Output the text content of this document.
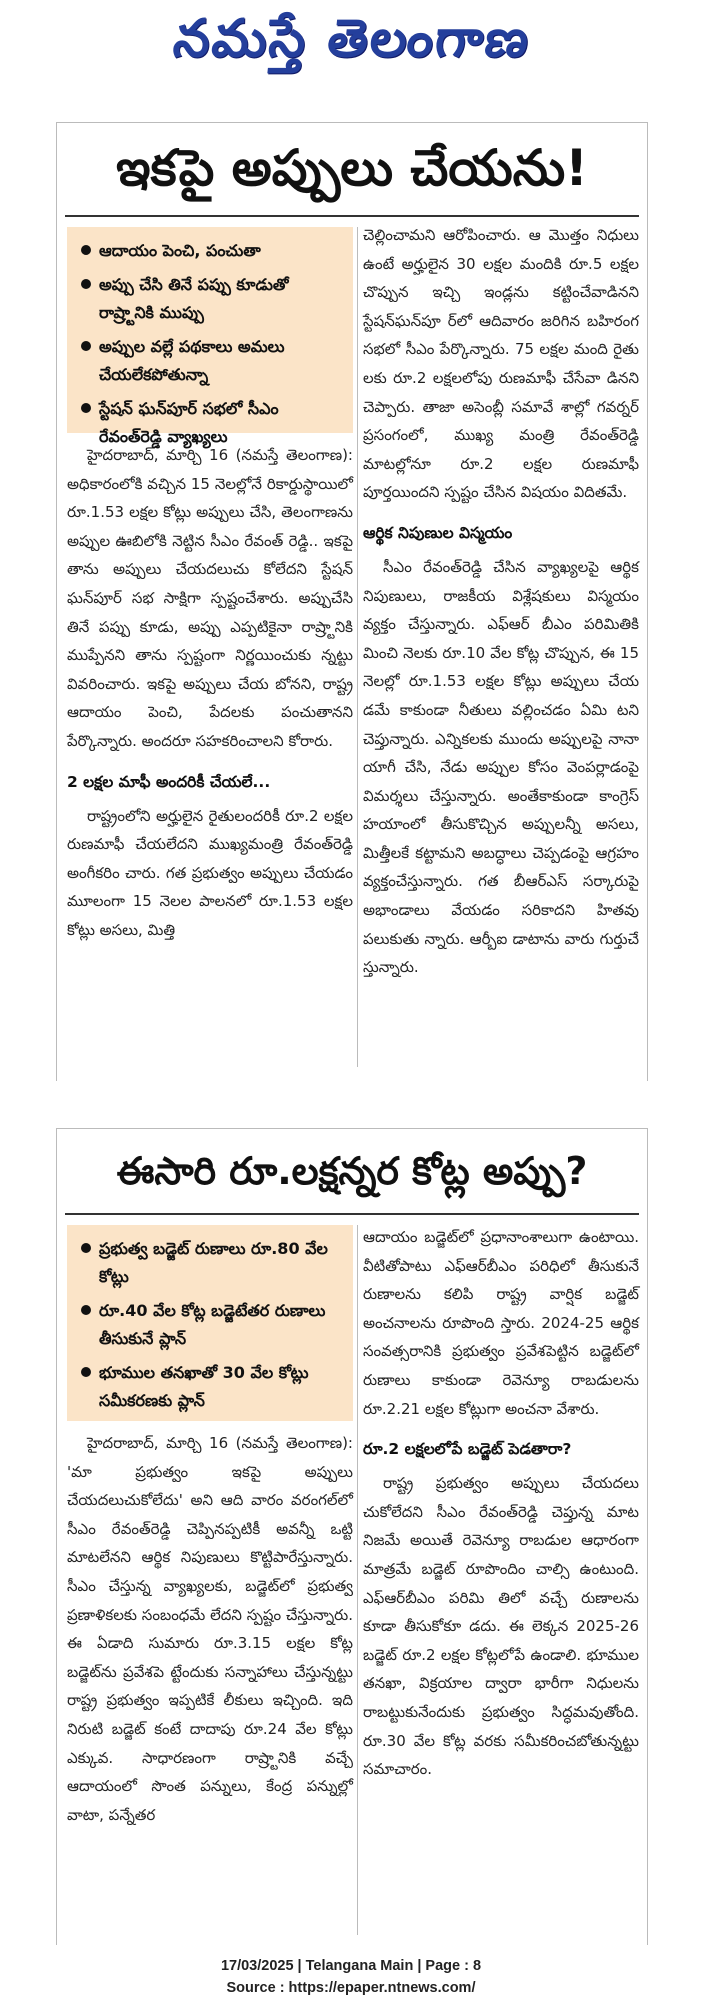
నమస్తే తెలంగాణ
ఇకపై అప్పులు చేయను!
ఆదాయం పెంచి, పంచుతా
అప్పు చేసి తినే పప్పు కూడుతో రాష్ర్టానికి ముప్పు
అప్పుల వల్లే పథకాలు అమలు చేయలేకపోతున్నా
స్టేషన్ ఘన్‌పూర్ సభలో సీఎం రేవంత్‌రెడ్డి వ్యాఖ్యలు

హైదరాబాద్, మార్చి 16 (నమస్తే తెలంగాణ): అధికారంలోకి వచ్చిన 15 నెలల్లోనే రికార్డుస్థాయిలో రూ.1.53 లక్షల కోట్లు అప్పులు చేసి, తెలంగాణను అప్పుల ఊబిలోకి నెట్టిన సీఎం రేవంత్ రెడ్డి.. ఇకపై తాను అప్పులు చేయదలుచు కోలేదని స్టేషన్ ఘన్‌పూర్ సభ సాక్షిగా స్పష్టంచేశారు. అప్పుచేసి తినే పప్పు కూడు, అప్పు ఎప్పటికైనా రాష్ర్టానికి ముప్పేనని తాను స్పష్టంగా నిర్ణయించుకు న్నట్టు వివరించారు. ఇకపై అప్పులు చేయ బోనని, రాష్ట్ర ఆదాయం పెంచి, పేదలకు పంచుతానని పేర్కొన్నారు. అందరూ సహకరించాలని కోరారు.

2 లక్షల మాఫీ అందరికీ చేయలే...

రాష్ట్రంలోని అర్హులైన రైతులందరికీ రూ.2 లక్షల రుణమాఫీ చేయలేదని ముఖ్యమంత్రి రేవంత్‌రెడ్డి అంగీకరిం చారు. గత ప్రభుత్వం అప్పులు చేయడం మూలంగా 15 నెలల పాలనలో రూ.1.53 లక్షల కోట్లు అసలు, మిత్తి

చెల్లించామని ఆరోపించారు. ఆ మొత్తం నిధులు ఉంటే అర్హులైన 30 లక్షల మందికి రూ.5 లక్షల చొప్పున ఇచ్చి ఇండ్లను కట్టించేవాడినని స్టేషన్‌ఘన్‌పూ ర్‌లో ఆదివారం జరిగిన బహిరంగ సభలో సీఎం పేర్కొన్నారు. 75 లక్షల మంది రైతు లకు రూ.2 లక్షలలోపు రుణమాఫీ చేసేవా డినని చెప్పారు. తాజా అసెంబ్లీ సమావే శాల్లో గవర్నర్ ప్రసంగంలో, ముఖ్య మంత్రి రేవంత్‌రెడ్డి మాటల్లోనూ రూ.2 లక్షల రుణమాఫీ పూర్తయిందని స్పష్టం చేసిన విషయం విదితమే.

ఆర్థిక నిపుణుల విస్మయం

సీఎం రేవంత్‌రెడ్డి చేసిన వ్యాఖ్యలపై ఆర్థిక నిపుణులు, రాజకీయ విశ్లేషకులు విస్మయం వ్యక్తం చేస్తున్నారు. ఎఫ్‌ఆర్ బీఎం పరిమితికి మించి నెలకు రూ.10 వేల కోట్ల చొప్పున, ఈ 15 నెలల్లో రూ.1.53 లక్షల కోట్లు అప్పులు చేయ డమే కాకుండా నీతులు వల్లించడం ఏమి టని చెప్తున్నారు. ఎన్నికలకు ముందు అప్పులపై నానా యాగీ చేసి, నేడు అప్పుల కోసం వెంపర్లాడంపై విమర్శలు చేస్తున్నారు. అంతేకాకుండా కాంగ్రెస్ హయాంలో తీసుకొచ్చిన అప్పులన్నీ అసలు, మిత్తీలకే కట్టామని అబద్ధాలు చెప్పడంపై ఆగ్రహం వ్యక్తంచేస్తున్నారు. గత బీఆర్‌ఎస్ సర్కారుపై అభాండాలు వేయడం సరికాదని హితవు పలుకుతు న్నారు. ఆర్బీఐ డాటాను వారు గుర్తుచే స్తున్నారు.

ఈసారి రూ.లక్షన్నర కోట్ల అప్పు?
ప్రభుత్వ బడ్జెట్ రుణాలు రూ.80 వేల కోట్లు
రూ.40 వేల కోట్ల బడ్జెటేతర రుణాలు తీసుకునే ప్లాన్
భూముల తనఖాతో 30 వేల కోట్లు సమీకరణకు ప్లాన్

హైదరాబాద్, మార్చి 16 (నమస్తే తెలంగాణ): 'మా ప్రభుత్వం ఇకపై అప్పులు చేయదలుచుకోలేదు' అని ఆది వారం వరంగల్‌లో సీఎం రేవంత్‌రెడ్డి చెప్పినప్పటికీ అవన్నీ ఒట్టి మాటలేనని ఆర్థిక నిపుణులు కొట్టిపారేస్తున్నారు. సీఎం చేస్తున్న వ్యాఖ్యలకు, బడ్జెట్‌లో ప్రభుత్వ ప్రణాళికలకు సంబంధమే లేదని స్పష్టం చేస్తున్నారు. ఈ ఏడాది సుమారు రూ.3.15 లక్షల కోట్ల బడ్జెట్‌ను ప్రవేశపె ట్టేందుకు సన్నాహాలు చేస్తున్నట్టు రాష్ట్ర ప్రభుత్వం ఇప్పటికే లీకులు ఇచ్చింది. ఇది నిరుటి బడ్జెట్ కంటే దాదాపు రూ.24 వేల కోట్లు ఎక్కువ. సాధారణంగా రాష్ర్టానికి వచ్చే ఆదాయంలో సొంత పన్నులు, కేంద్ర పన్నుల్లో వాటా, పన్నేతర

ఆదాయం బడ్జెట్‌లో ప్రధానాంశాలుగా ఉంటాయి. వీటితోపాటు ఎఫ్‌ఆర్‌బీఎం పరిధిలో తీసుకునే రుణాలను కలిపి రాష్ట్ర వార్షిక బడ్జెట్ అంచనాలను రూపొంది స్తారు. 2024-25 ఆర్థిక సంవత్సరానికి ప్రభుత్వం ప్రవేశపెట్టిన బడ్జెట్‌లో రుణాలు కాకుండా రెవెన్యూ రాబడులను రూ.2.21 లక్షల కోట్లుగా అంచనా వేశారు.

రూ.2 లక్షలలోపే బడ్జెట్ పెడతారా?

రాష్ట్ర ప్రభుత్వం అప్పులు చేయదలు చుకోలేదని సీఎం రేవంత్‌రెడ్డి చెప్తున్న మాట నిజమే అయితే రెవెన్యూ రాబడుల ఆధారంగా మాత్రమే బడ్జెట్ రూపొందిం చాల్సి ఉంటుంది. ఎఫ్‌ఆర్‌బీఎం పరిమి తిలో వచ్చే రుణాలను కూడా తీసుకోకూ డదు. ఈ లెక్కన 2025-26 బడ్జెట్ రూ.2 లక్షల కోట్లలోపే ఉండాలి. భూముల తనఖా, విక్రయాల ద్వారా భారీగా నిధులను రాబట్టుకునేందుకు ప్రభుత్వం సిద్ధమవుతోంది. రూ.30 వేల కోట్ల వరకు సమీకరించబోతున్నట్టు సమాచారం.

17/03/2025 | Telangana Main | Page : 8
Source : https://epaper.ntnews.com/
